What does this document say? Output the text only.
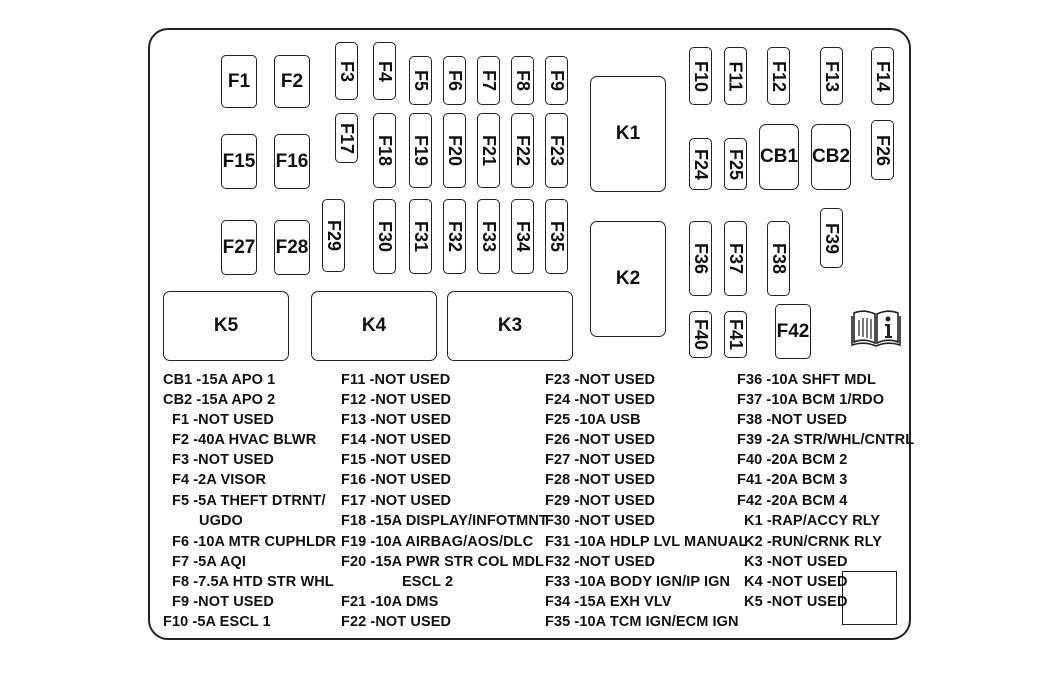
F1 F2 F3 F4 F5 F6 F7 F8 F9
F17 F18 F19 F20 F21 F22 F23
F15 F16
F27 F28 F29 F30 F31 F32 F33 F34 F35
K1
K2
F10 F11 F12 F13 F14
F24 F25 CB1 CB2 F26
F39
F36 F37 F38
F40 F41 F42
K5	K4	K3
CB1 -15A APO 1
CB2 -15A APO 2
F1 -NOT USED
F2 -40A HVAC BLWR
F3 -NOT USED
F4 -2A VISOR
F5 -5A THEFT DTRNT/
UGDO
F6 -10A MTR CUPHLDR
F7 -5A AQI
F8 -7.5A HTD STR WHL
F9 -NOT USED
F10 -5A ESCL 1
F11 -NOT USED
F12 -NOT USED
F13 -NOT USED
F14 -NOT USED
F15 -NOT USED
F16 -NOT USED
F17 -NOT USED
F18 -15A DISPLAY/INFOTMNT
F19 -10A AIRBAG/AOS/DLC
F20 -15A PWR STR COL MDL
ESCL 2
F21 -10A DMS
F22 -NOT USED
F23 -NOT USED
F24 -NOT USED
F25 -10A USB
F26 -NOT USED
F27 -NOT USED
F28 -NOT USED
F29 -NOT USED
F30 -NOT USED
F31 -10A HDLP LVL MANUAL
F32 -NOT USED
F33 -10A BODY IGN/IP IGN
F34 -15A EXH VLV
F35 -10A TCM IGN/ECM IGN
F36 -10A SHFT MDL
F37 -10A BCM 1/RDO
F38 -NOT USED
F39 -2A STR/WHL/CNTRL
F40 -20A BCM 2
F41 -20A BCM 3
F42 -20A BCM 4
K1 -RAP/ACCY RLY
K2 -RUN/CRNK RLY
K3 -NOT USED
K4 -NOT USED
K5 -NOT USED
